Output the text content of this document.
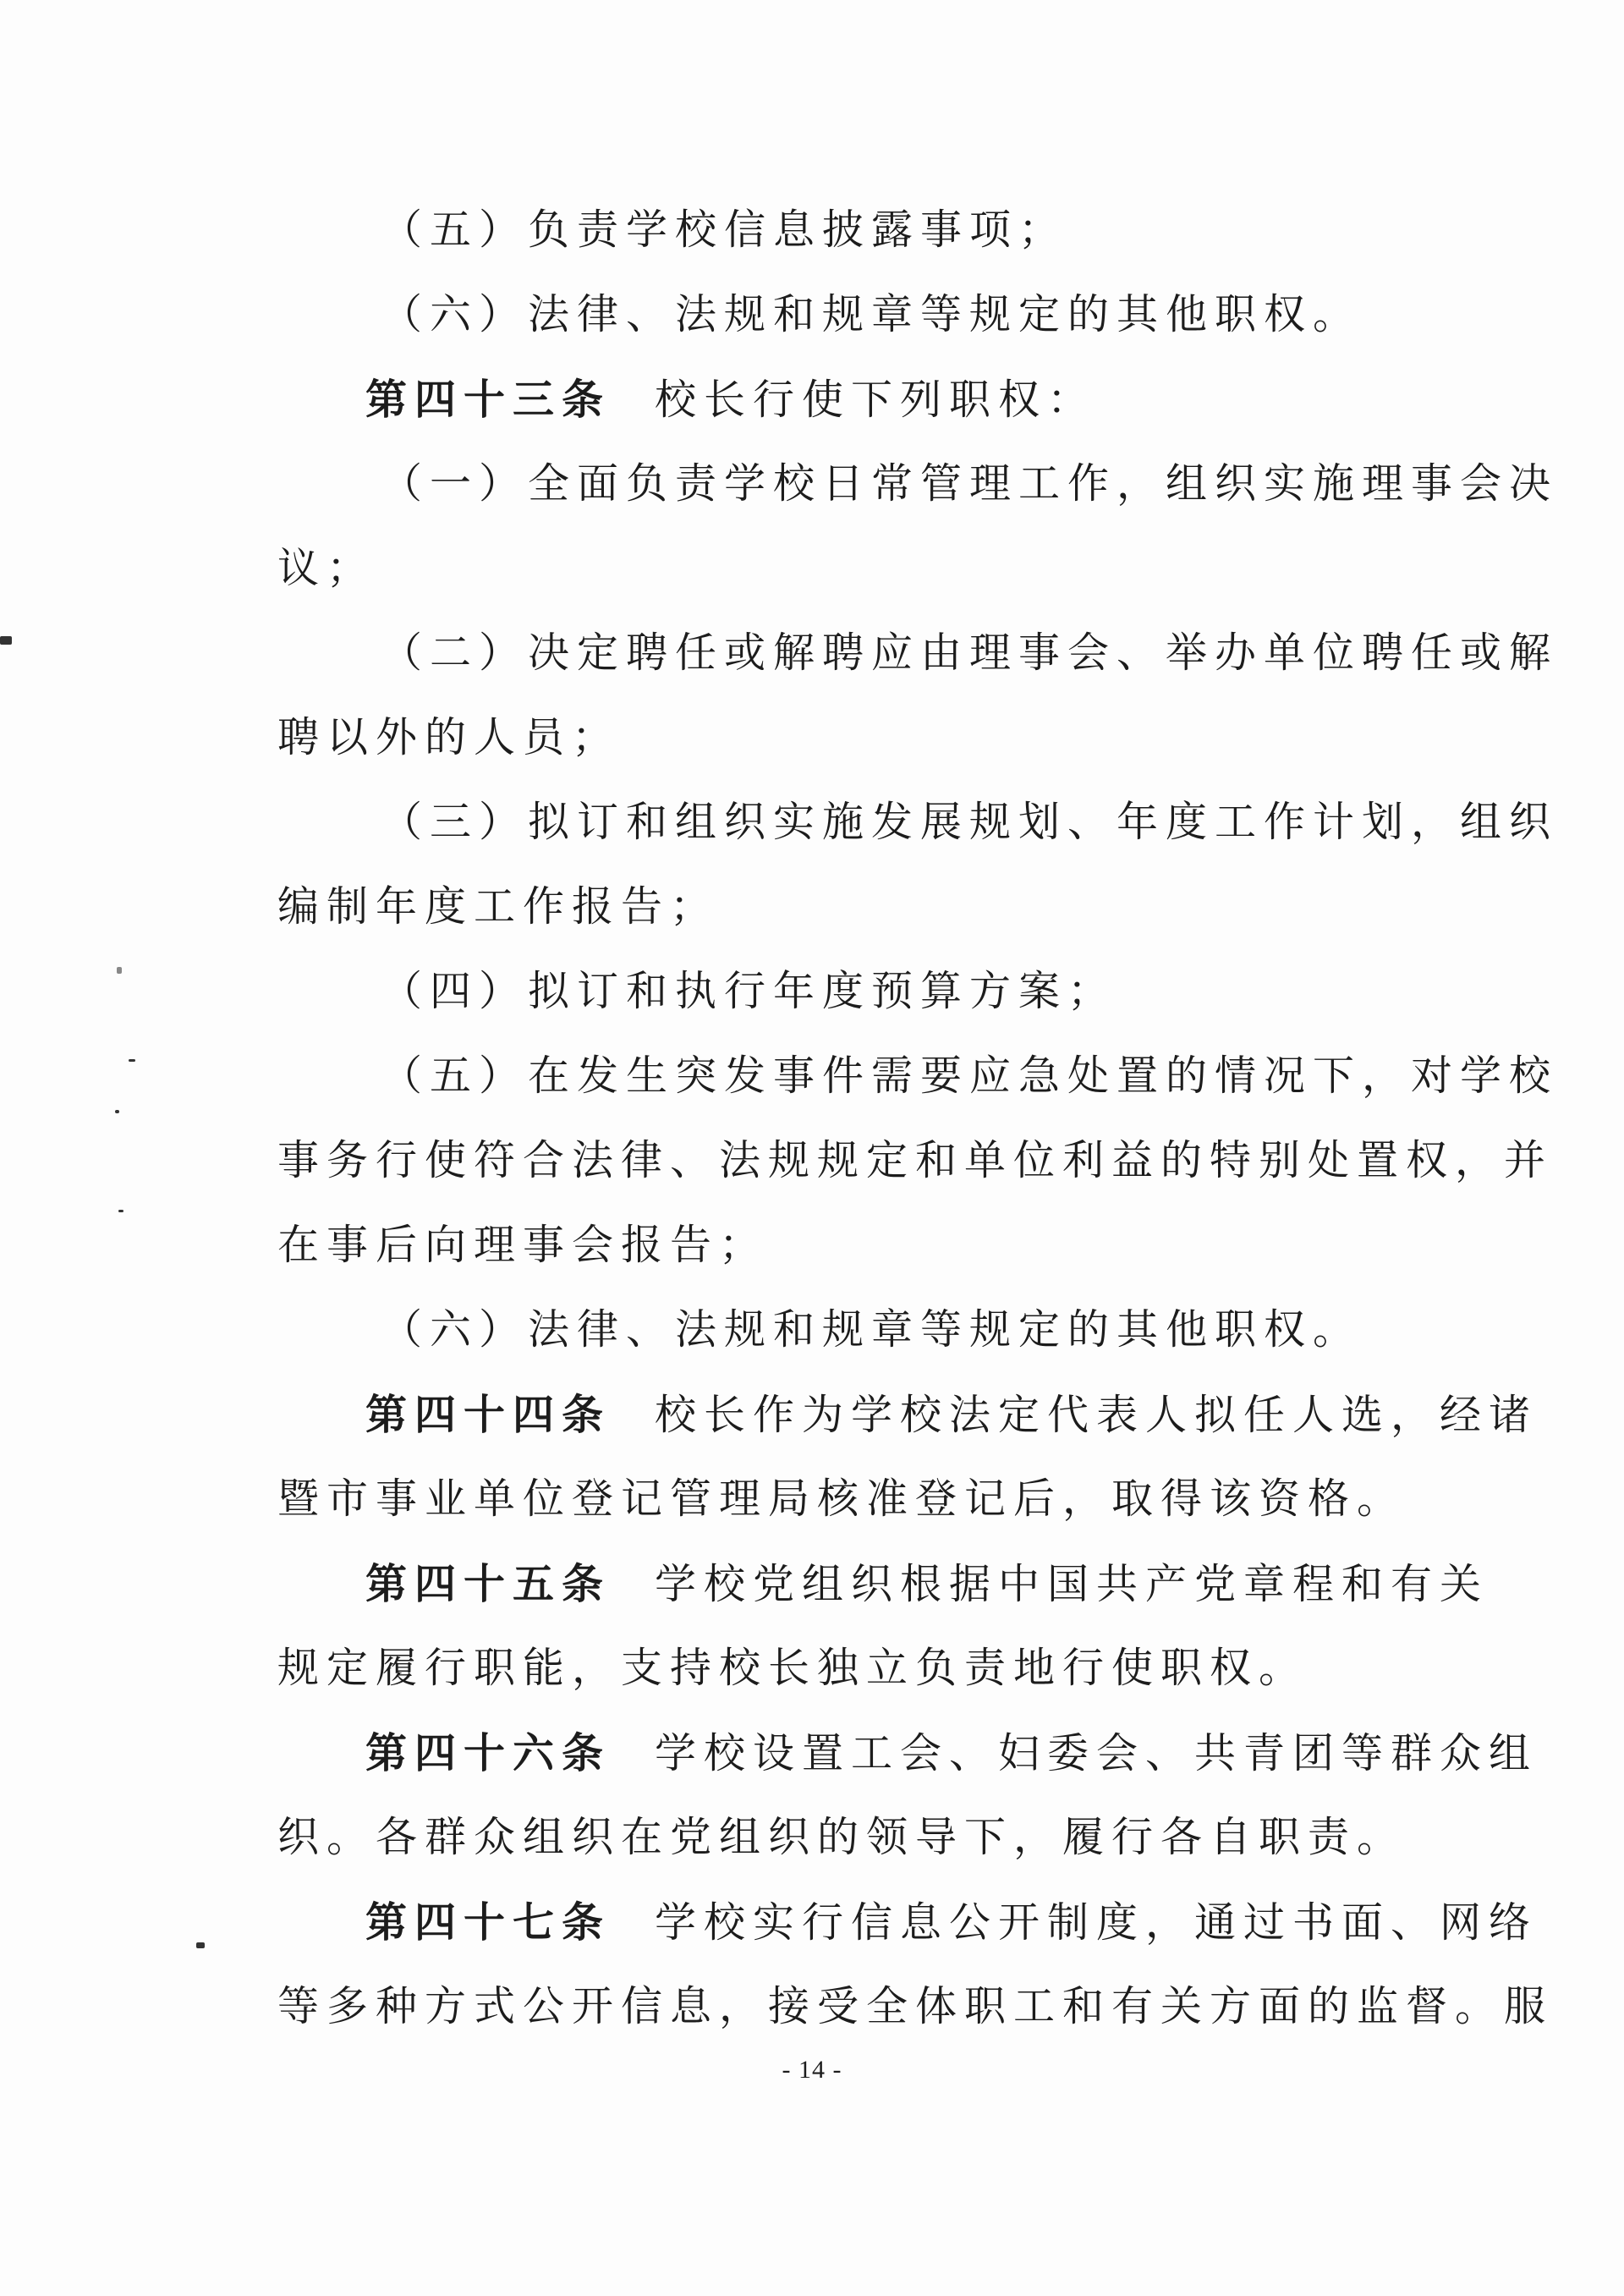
（五）负责学校信息披露事项；
（六）法律、法规和规章等规定的其他职权。
第四十三条 校长行使下列职权：
（一）全面负责学校日常管理工作，组织实施理事会决
议；
（二）决定聘任或解聘应由理事会、举办单位聘任或解
聘以外的人员；
（三）拟订和组织实施发展规划、年度工作计划，组织
编制年度工作报告；
（四）拟订和执行年度预算方案；
（五）在发生突发事件需要应急处置的情况下，对学校
事务行使符合法律、法规规定和单位利益的特别处置权，并
在事后向理事会报告；
（六）法律、法规和规章等规定的其他职权。
第四十四条 校长作为学校法定代表人拟任人选，经诸
暨市事业单位登记管理局核准登记后，取得该资格。
第四十五条 学校党组织根据中国共产党章程和有关
规定履行职能，支持校长独立负责地行使职权。
第四十六条 学校设置工会、妇委会、共青团等群众组
织。各群众组织在党组织的领导下，履行各自职责。
第四十七条 学校实行信息公开制度，通过书面、网络
等多种方式公开信息，接受全体职工和有关方面的监督。服
- 14 -
